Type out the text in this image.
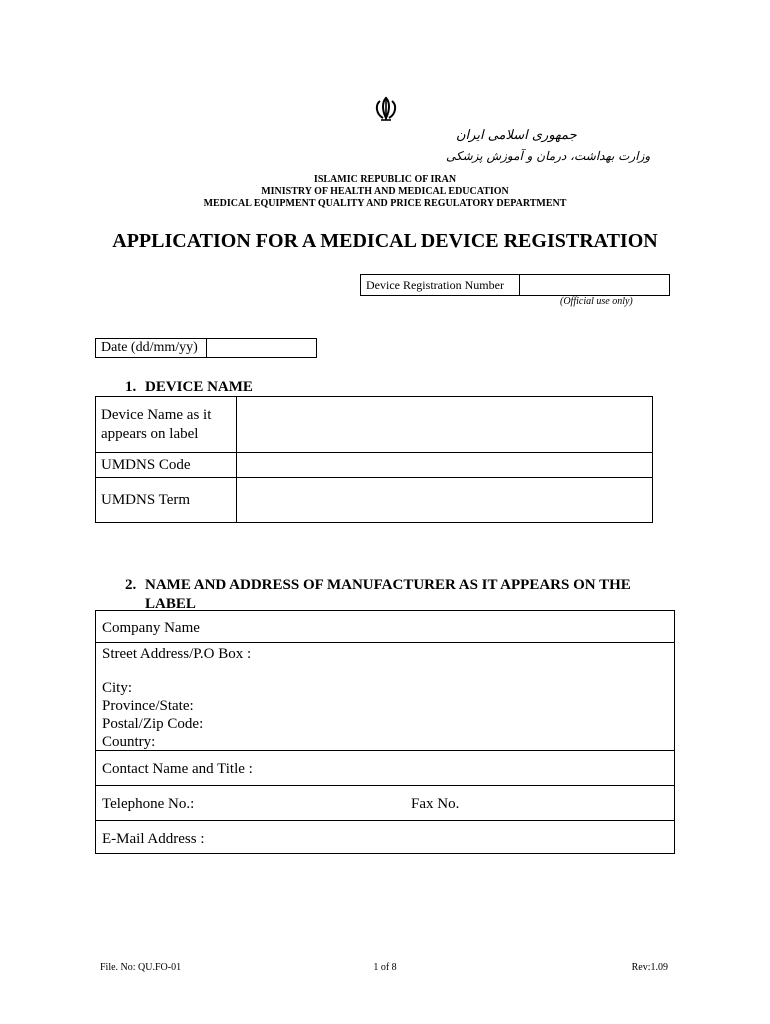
جمهوری اسلامی ایران
وزارت بهداشت، درمان و آموزش پزشکی
ISLAMIC REPUBLIC OF IRAN
MINISTRY OF HEALTH AND MEDICAL EDUCATION
MEDICAL EQUIPMENT QUALITY AND PRICE REGULATORY DEPARTMENT
APPLICATION FOR A MEDICAL DEVICE REGISTRATION
Device Registration Number	
(Official use only)
Date (dd/mm/yy)	
1. DEVICE NAME
Device Name as it appears on label	
UMDNS Code	
UMDNS Term	
2. NAME AND ADDRESS OF MANUFACTURER AS IT APPEARS ON THE
LABEL
Company Name
Street Address/P.O Box :
City:
Province/State:
Postal/Zip Code:
Country:
Contact Name and Title :
Telephone No.:	Fax No.
E-Mail Address :
File. No: QU.FO-01	1 of 8	Rev:1.09
